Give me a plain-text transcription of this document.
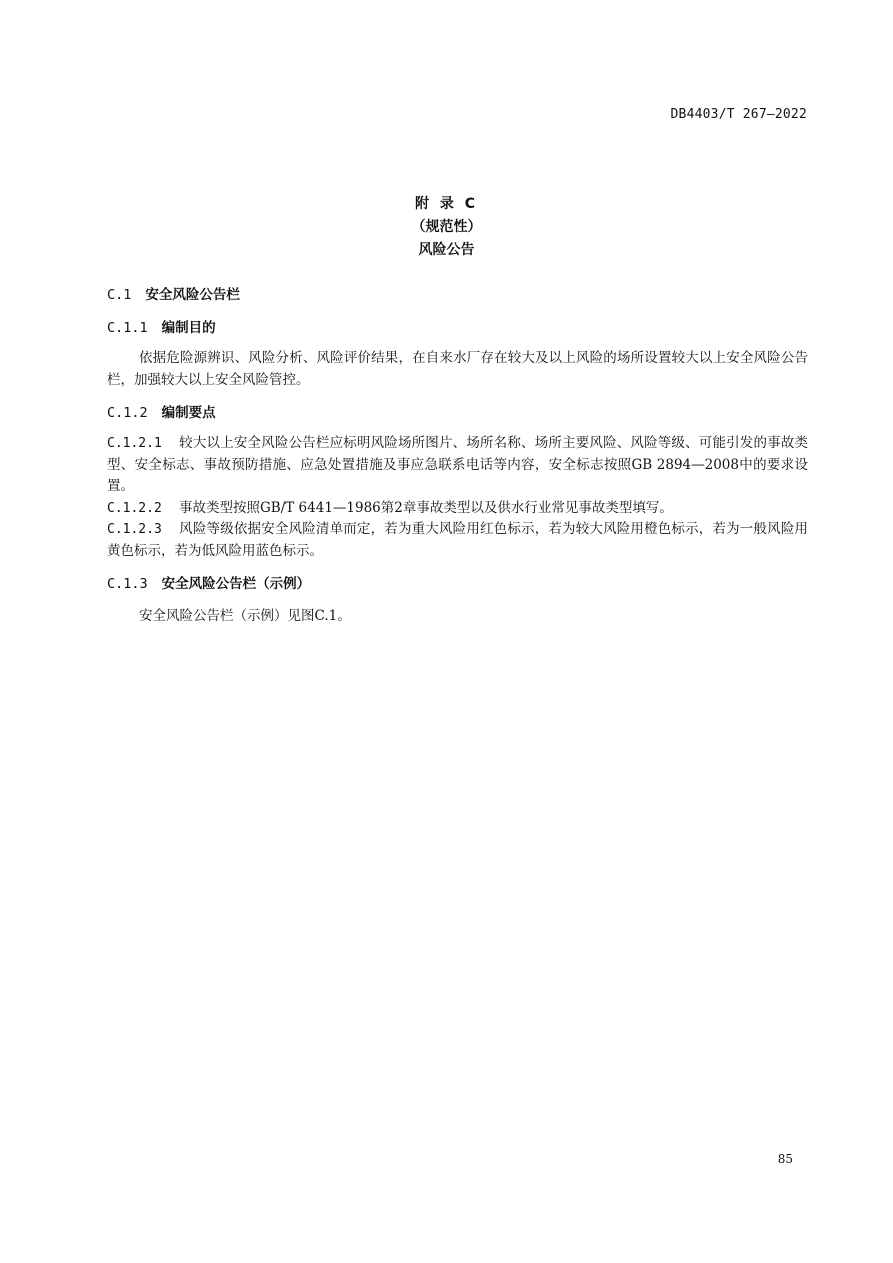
DB4403/T 267—2022
附 录 C
（规范性）
风险公告
C.1 安全风险公告栏
C.1.1 编制目的

依据危险源辨识、风险分析、风险评价结果，在自来水厂存在较大及以上风险的场所设置较大以上安全风险公告栏，加强较大以上安全风险管控。

C.1.2 编制要点

C.1.2.1 较大以上安全风险公告栏应标明风险场所图片、场所名称、场所主要风险、风险等级、可能引发的事故类型、安全标志、事故预防措施、应急处置措施及事应急联系电话等内容，安全标志按照GB 2894—2008中的要求设置。

C.1.2.2 事故类型按照GB/T 6441—1986第2章事故类型以及供水行业常见事故类型填写。

C.1.2.3 风险等级依据安全风险清单而定，若为重大风险用红色标示，若为较大风险用橙色标示，若为一般风险用黄色标示，若为低风险用蓝色标示。

C.1.3 安全风险公告栏（示例）

安全风险公告栏（示例）见图C.1。

85
